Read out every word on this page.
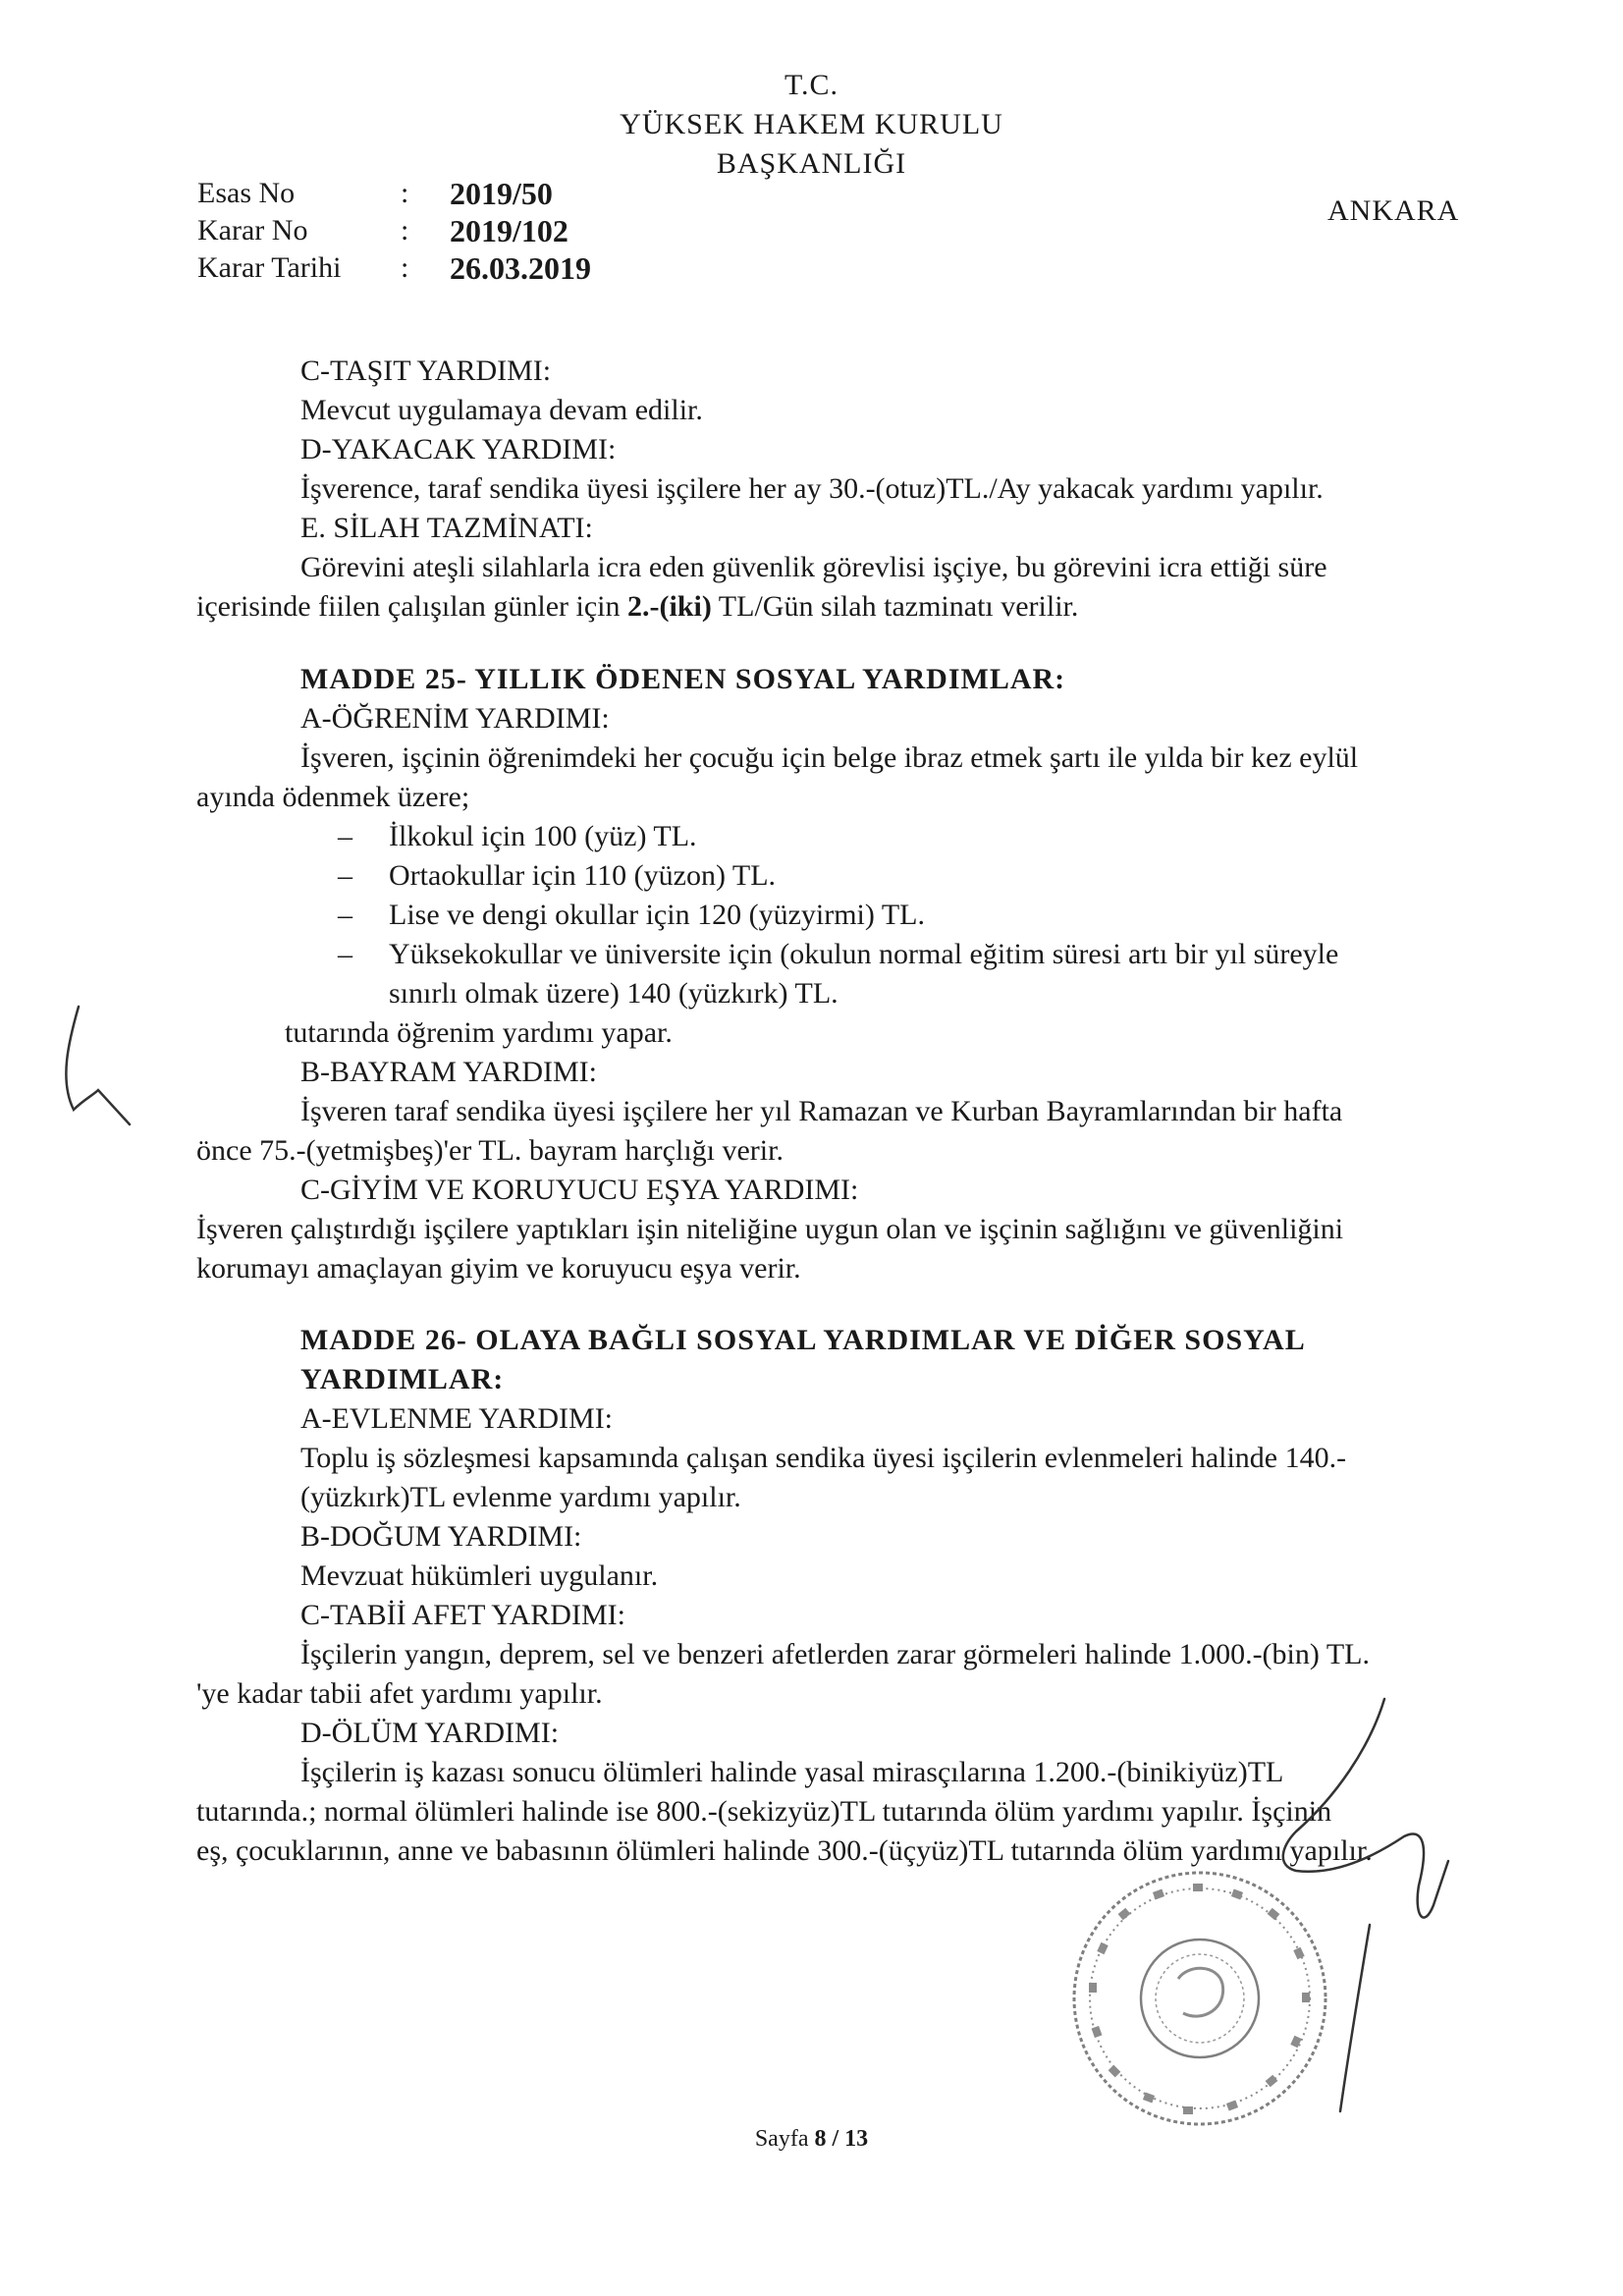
T.C.
YÜKSEK HAKEM KURULU
BAŞKANLIĞI
Esas No	:	2019/50
Karar No	:	2019/102
Karar Tarihi	:	26.03.2019
ANKARA
C-TAŞIT YARDIMI:
Mevcut uygulamaya devam edilir.
D-YAKACAK YARDIMI:
İşverence, taraf sendika üyesi işçilere her ay 30.-(otuz)TL./Ay yakacak yardımı yapılır.
E. SİLAH TAZMİNATI:
Görevini ateşli silahlarla icra eden güvenlik görevlisi işçiye, bu görevini icra ettiği süre
içerisinde fiilen çalışılan günler için 2.-(iki) TL/Gün silah tazminatı verilir.
MADDE 25- YILLIK ÖDENEN SOSYAL YARDIMLAR:
A-ÖĞRENİM YARDIMI:
İşveren, işçinin öğrenimdeki her çocuğu için belge ibraz etmek şartı ile yılda bir kez eylül
ayında ödenmek üzere;
– İlkokul için 100 (yüz) TL.
– Ortaokullar için 110 (yüzon) TL.
– Lise ve dengi okullar için 120 (yüzyirmi) TL.
– Yüksekokullar ve üniversite için (okulun normal eğitim süresi artı bir yıl süreyle
sınırlı olmak üzere) 140 (yüzkırk) TL.
tutarında öğrenim yardımı yapar.
B-BAYRAM YARDIMI:
İşveren taraf sendika üyesi işçilere her yıl Ramazan ve Kurban Bayramlarından bir hafta
önce 75.-(yetmişbeş)'er TL. bayram harçlığı verir.
C-GİYİM VE KORUYUCU EŞYA YARDIMI:
İşveren çalıştırdığı işçilere yaptıkları işin niteliğine uygun olan ve işçinin sağlığını ve güvenliğini
korumayı amaçlayan giyim ve koruyucu eşya verir.
MADDE 26- OLAYA BAĞLI SOSYAL YARDIMLAR VE DİĞER SOSYAL
YARDIMLAR:
A-EVLENME YARDIMI:
Toplu iş sözleşmesi kapsamında çalışan sendika üyesi işçilerin evlenmeleri halinde 140.-
(yüzkırk)TL evlenme yardımı yapılır.
B-DOĞUM YARDIMI:
Mevzuat hükümleri uygulanır.
C-TABİİ AFET YARDIMI:
İşçilerin yangın, deprem, sel ve benzeri afetlerden zarar görmeleri halinde 1.000.-(bin) TL.
'ye kadar tabii afet yardımı yapılır.
D-ÖLÜM YARDIMI:
İşçilerin iş kazası sonucu ölümleri halinde yasal mirasçılarına 1.200.-(binikiyüz)TL
tutarında.; normal ölümleri halinde ise 800.-(sekizyüz)TL tutarında ölüm yardımı yapılır. İşçinin
eş, çocuklarının, anne ve babasının ölümleri halinde 300.-(üçyüz)TL tutarında ölüm yardımı yapılır.
Sayfa 8 / 13
